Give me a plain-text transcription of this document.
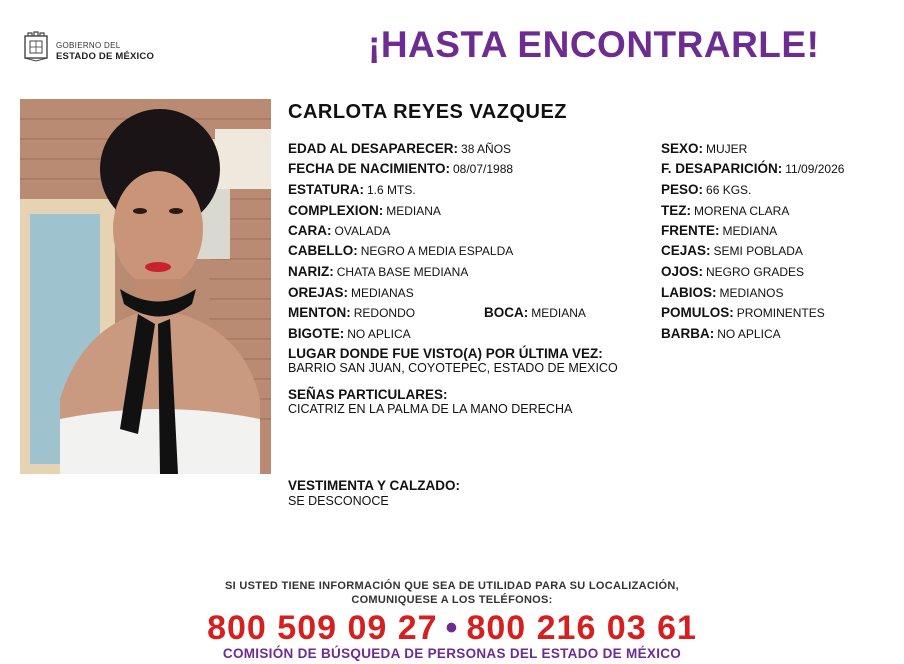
GOBIERNO DEL
ESTADO DE MÉXICO	¡HASTA ENCONTRARLE!
CARLOTA REYES VAZQUEZ
EDAD AL DESAPARECER: 38 AÑOS
FECHA DE NACIMIENTO: 08/07/1988
ESTATURA: 1.6 MTS.
COMPLEXION: MEDIANA
CARA: OVALADA
CABELLO: NEGRO A MEDIA ESPALDA
NARIZ: CHATA BASE MEDIANA
OREJAS: MEDIANAS
MENTON: REDONDO
BIGOTE: NO APLICA
BOCA: MEDIANA
SEXO: MUJER
F. DESAPARICIÓN: 11/09/2026
PESO: 66 KGS.
TEZ: MORENA CLARA
FRENTE: MEDIANA
CEJAS: SEMI POBLADA
OJOS: NEGRO GRADES
LABIOS: MEDIANOS
POMULOS: PROMINENTES
BARBA: NO APLICA
LUGAR DONDE FUE VISTO(A) POR ÚLTIMA VEZ:
BARRIO SAN JUAN, COYOTEPEC, ESTADO DE MEXICO
SEÑAS PARTICULARES:
CICATRIZ EN LA PALMA DE LA MANO DERECHA
VESTIMENTA Y CALZADO:
SE DESCONOCE
SI USTED TIENE INFORMACIÓN QUE SEA DE UTILIDAD PARA SU LOCALIZACIÓN,
COMUNIQUESE A LOS TELÉFONOS:
800 509 09 27 • 800 216 03 61
COMISIÓN DE BÚSQUEDA DE PERSONAS DEL ESTADO DE MÉXICO
